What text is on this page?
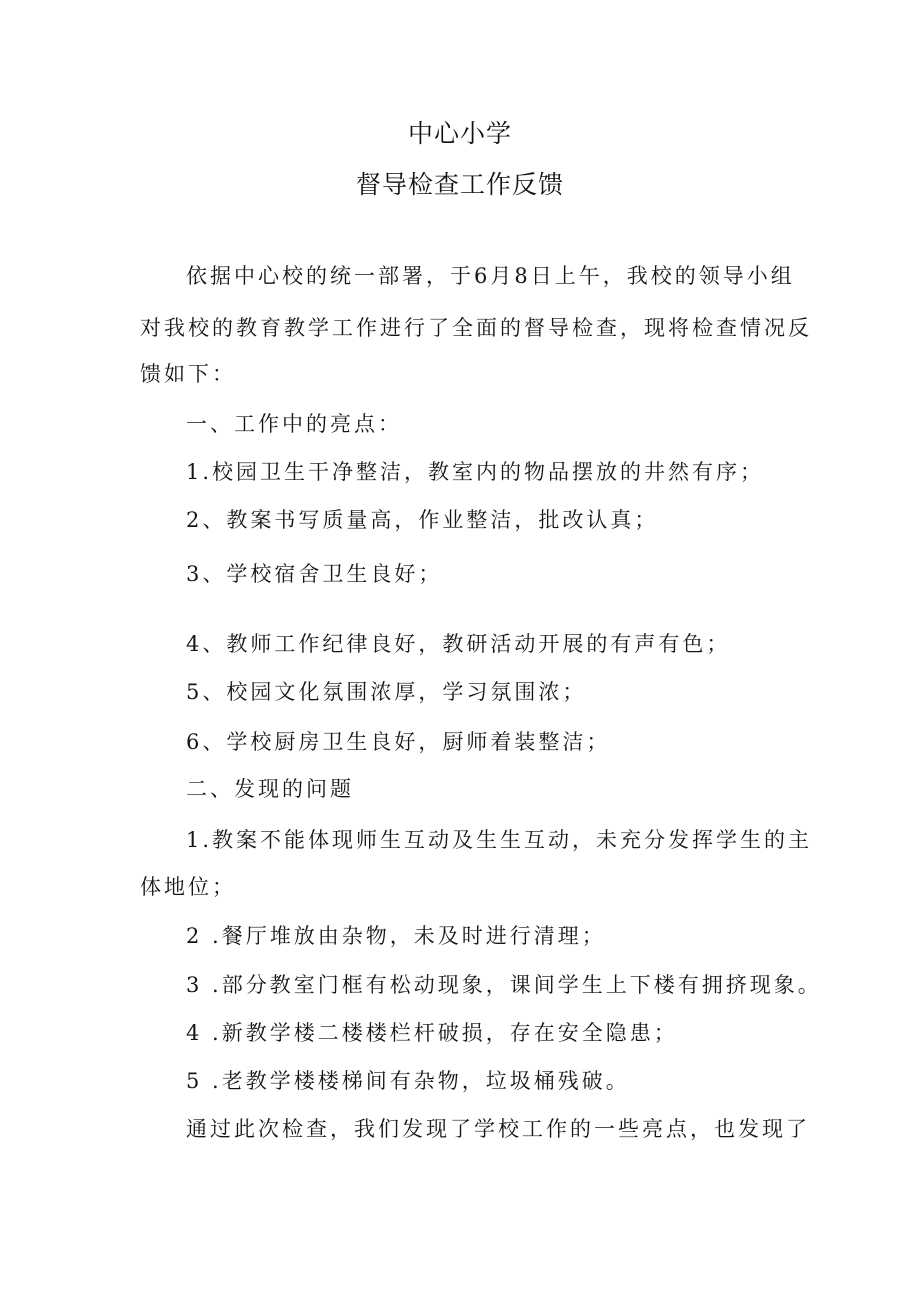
中心小学
督导检查工作反馈
依据中心校的统一部署，于6月8日上午，我校的领导小组
对我校的教育教学工作进行了全面的督导检查，现将检查情况反
馈如下：
一、工作中的亮点：
1.校园卫生干净整洁，教室内的物品摆放的井然有序；
2、教案书写质量高，作业整洁，批改认真；
3、学校宿舍卫生良好；
4、教师工作纪律良好，教研活动开展的有声有色；
5、校园文化氛围浓厚，学习氛围浓；
6、学校厨房卫生良好，厨师着装整洁；
二、发现的问题
1.教案不能体现师生互动及生生互动，未充分发挥学生的主
体地位；
2 .餐厅堆放由杂物，未及时进行清理；
3 .部分教室门框有松动现象，课间学生上下楼有拥挤现象。
4 .新教学楼二楼楼栏杆破损，存在安全隐患；
5 .老教学楼楼梯间有杂物，垃圾桶残破。
通过此次检查，我们发现了学校工作的一些亮点，也发现了
